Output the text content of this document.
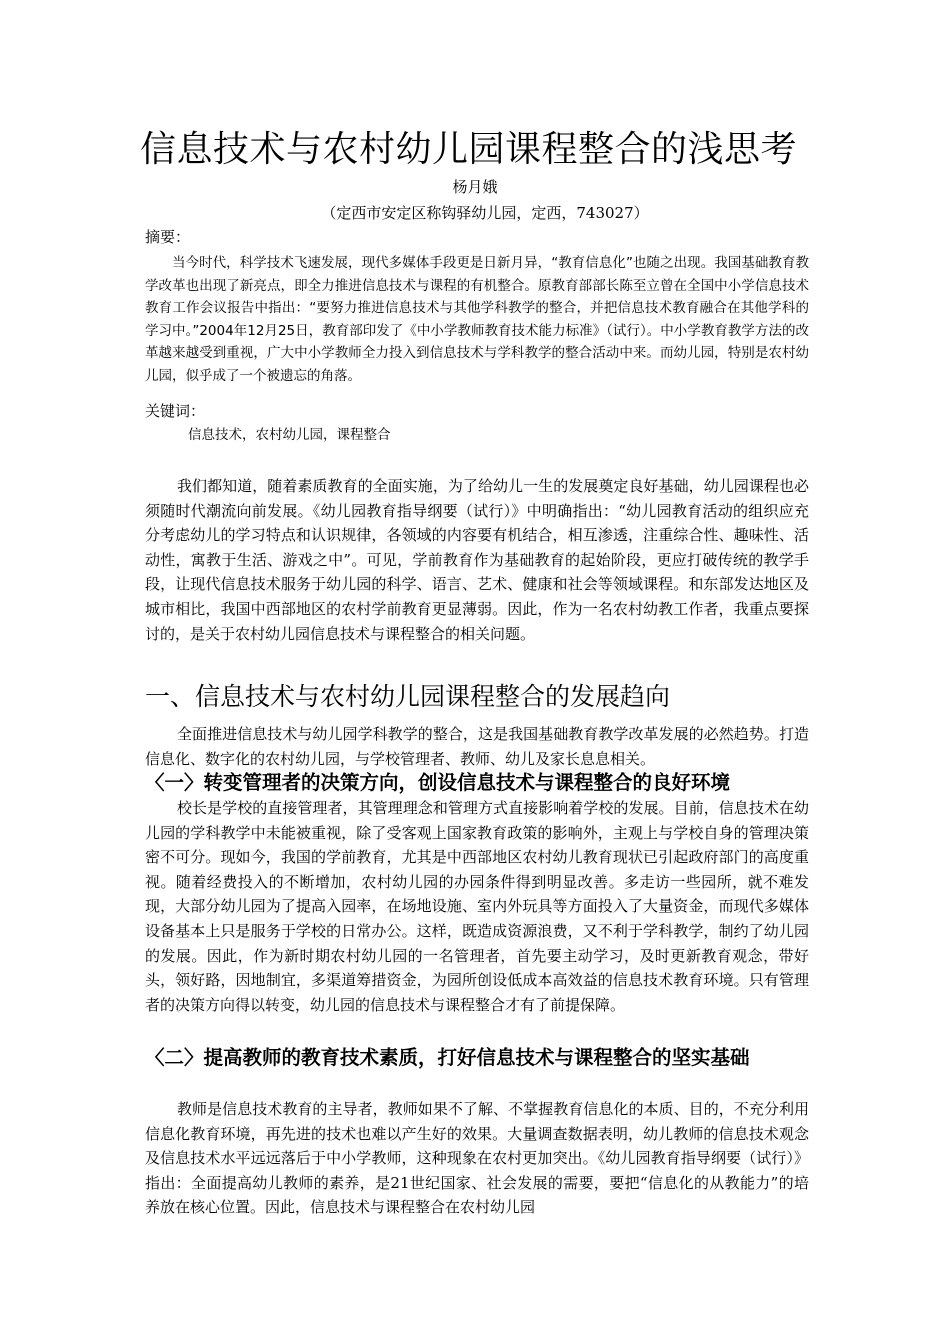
信息技术与农村幼儿园课程整合的浅思考
杨月娥
（定西市安定区称钩驿幼儿园，定西，743027）
摘要：
当今时代，科学技术飞速发展，现代多媒体手段更是日新月异，“教育信息化”也随之出现。我国基础教育教学改革也出现了新亮点，即全力推进信息技术与课程的有机整合。原教育部部长陈至立曾在全国中小学信息技术教育工作会议报告中指出：“要努力推进信息技术与其他学科教学的整合，并把信息技术教育融合在其他学科的学习中。”2004年12月25日，教育部印发了《中小学教师教育技术能力标准》（试行）。中小学教育教学方法的改革越来越受到重视，广大中小学教师全力投入到信息技术与学科教学的整合活动中来。而幼儿园，特别是农村幼儿园，似乎成了一个被遗忘的角落。
关键词：
信息技术，农村幼儿园，课程整合
我们都知道，随着素质教育的全面实施，为了给幼儿一生的发展奠定良好基础，幼儿园课程也必须随时代潮流向前发展。《幼儿园教育指导纲要（试行）》中明确指出：“幼儿园教育活动的组织应充分考虑幼儿的学习特点和认识规律，各领域的内容要有机结合，相互渗透，注重综合性、趣味性、活动性，寓教于生活、游戏之中”。可见，学前教育作为基础教育的起始阶段，更应打破传统的教学手段，让现代信息技术服务于幼儿园的科学、语言、艺术、健康和社会等领域课程。和东部发达地区及城市相比，我国中西部地区的农村学前教育更显薄弱。因此，作为一名农村幼教工作者，我重点要探讨的，是关于农村幼儿园信息技术与课程整合的相关问题。
一、信息技术与农村幼儿园课程整合的发展趋向
全面推进信息技术与幼儿园学科教学的整合，这是我国基础教育教学改革发展的必然趋势。打造信息化、数字化的农村幼儿园，与学校管理者、教师、幼儿及家长息息相关。
〈一〉转变管理者的决策方向，创设信息技术与课程整合的良好环境
校长是学校的直接管理者，其管理理念和管理方式直接影响着学校的发展。目前，信息技术在幼儿园的学科教学中未能被重视，除了受客观上国家教育政策的影响外，主观上与学校自身的管理决策密不可分。现如今，我国的学前教育，尤其是中西部地区农村幼儿教育现状已引起政府部门的高度重视。随着经费投入的不断增加，农村幼儿园的办园条件得到明显改善。多走访一些园所，就不难发现，大部分幼儿园为了提高入园率，在场地设施、室内外玩具等方面投入了大量资金，而现代多媒体设备基本上只是服务于学校的日常办公。这样，既造成资源浪费，又不利于学科教学，制约了幼儿园的发展。因此，作为新时期农村幼儿园的一名管理者，首先要主动学习，及时更新教育观念，带好头，领好路，因地制宜，多渠道筹措资金，为园所创设低成本高效益的信息技术教育环境。只有管理者的决策方向得以转变，幼儿园的信息技术与课程整合才有了前提保障。
〈二〉提高教师的教育技术素质，打好信息技术与课程整合的坚实基础
教师是信息技术教育的主导者，教师如果不了解、不掌握教育信息化的本质、目的，不充分利用信息化教育环境，再先进的技术也难以产生好的效果。大量调查数据表明，幼儿教师的信息技术观念及信息技术水平远远落后于中小学教师，这种现象在农村更加突出。《幼儿园教育指导纲要（试行）》指出：全面提高幼儿教师的素养，是21世纪国家、社会发展的需要，要把“信息化的从教能力”的培养放在核心位置。因此，信息技术与课程整合在农村幼儿园
